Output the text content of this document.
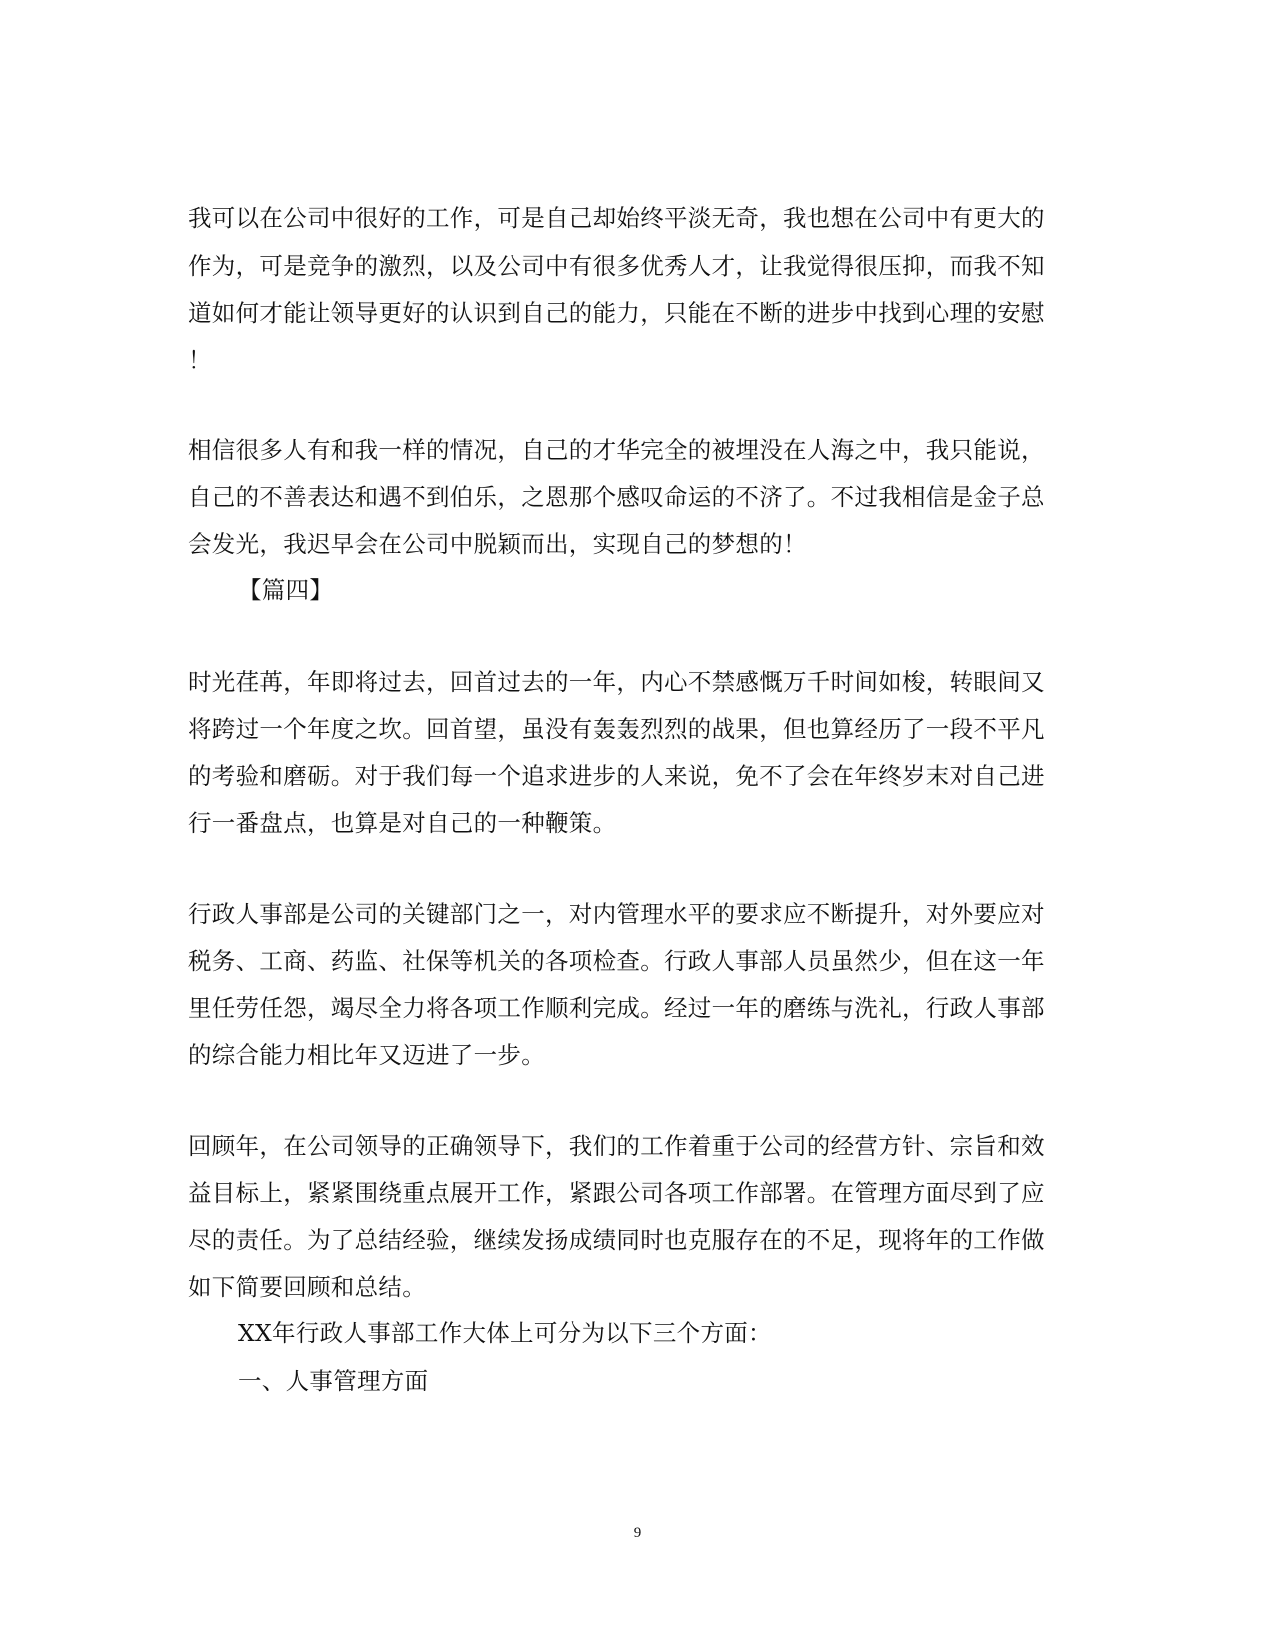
我可以在公司中很好的工作，可是自己却始终平淡无奇，我也想在公司中有更大的
作为，可是竞争的激烈，以及公司中有很多优秀人才，让我觉得很压抑，而我不知
道如何才能让领导更好的认识到自己的能力，只能在不断的进步中找到心理的安慰
！
相信很多人有和我一样的情况，自己的才华完全的被埋没在人海之中，我只能说，
自己的不善表达和遇不到伯乐，之恩那个感叹命运的不济了。不过我相信是金子总
会发光，我迟早会在公司中脱颖而出，实现自己的梦想的！
【篇四】
时光荏苒，年即将过去，回首过去的一年，内心不禁感慨万千时间如梭，转眼间又
将跨过一个年度之坎。回首望，虽没有轰轰烈烈的战果，但也算经历了一段不平凡
的考验和磨砺。对于我们每一个追求进步的人来说，免不了会在年终岁末对自己进
行一番盘点，也算是对自己的一种鞭策。
行政人事部是公司的关键部门之一，对内管理水平的要求应不断提升，对外要应对
税务、工商、药监、社保等机关的各项检查。行政人事部人员虽然少，但在这一年
里任劳任怨，竭尽全力将各项工作顺利完成。经过一年的磨练与洗礼，行政人事部
的综合能力相比年又迈进了一步。
回顾年，在公司领导的正确领导下，我们的工作着重于公司的经营方针、宗旨和效
益目标上，紧紧围绕重点展开工作，紧跟公司各项工作部署。在管理方面尽到了应
尽的责任。为了总结经验，继续发扬成绩同时也克服存在的不足，现将年的工作做
如下简要回顾和总结。
XX年行政人事部工作大体上可分为以下三个方面：
一、人事管理方面
9
